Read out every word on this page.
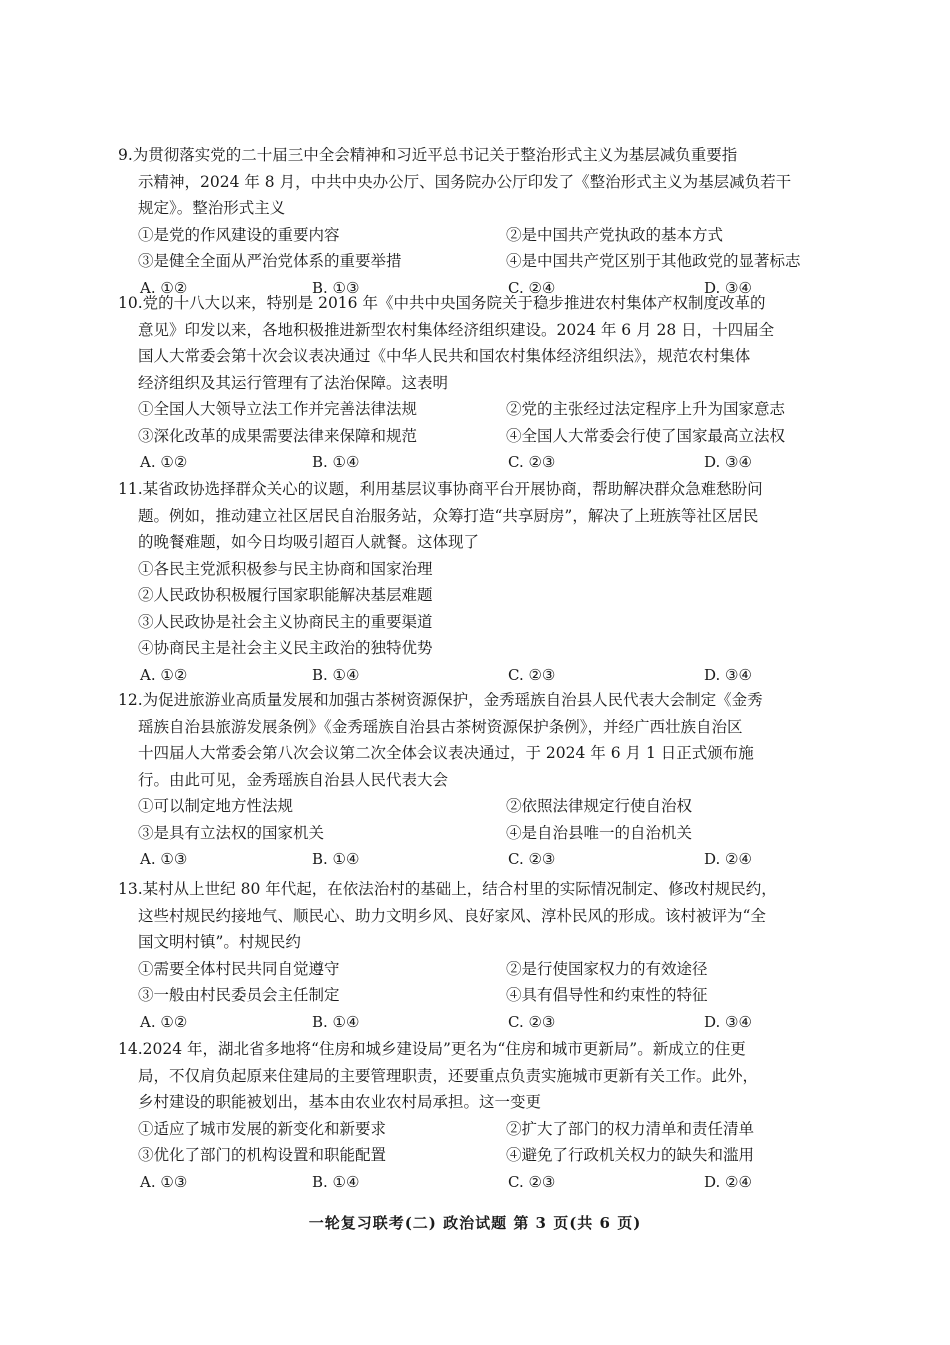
9.为贯彻落实党的二十届三中全会精神和习近平总书记关于整治形式主义为基层减负重要指
示精神，2024 年 8 月，中共中央办公厅、国务院办公厅印发了《整治形式主义为基层减负若干
规定》。整治形式主义
①是党的作风建设的重要内容	②是中国共产党执政的基本方式
③是健全全面从严治党体系的重要举措	④是中国共产党区别于其他政党的显著标志
A. ①②	B. ①③	C. ②④	D. ③④
10.党的十八大以来，特别是 2016 年《中共中央国务院关于稳步推进农村集体产权制度改革的
意见》印发以来，各地积极推进新型农村集体经济组织建设。2024 年 6 月 28 日，十四届全
国人大常委会第十次会议表决通过《中华人民共和国农村集体经济组织法》，规范农村集体
经济组织及其运行管理有了法治保障。这表明
①全国人大领导立法工作并完善法律法规	②党的主张经过法定程序上升为国家意志
③深化改革的成果需要法律来保障和规范	④全国人大常委会行使了国家最高立法权
A. ①②	B. ①④	C. ②③	D. ③④
11.某省政协选择群众关心的议题，利用基层议事协商平台开展协商，帮助解决群众急难愁盼问
题。例如，推动建立社区居民自治服务站，众筹打造“共享厨房”，解决了上班族等社区居民
的晚餐难题，如今日均吸引超百人就餐。这体现了
①各民主党派积极参与民主协商和国家治理
②人民政协积极履行国家职能解决基层难题
③人民政协是社会主义协商民主的重要渠道
④协商民主是社会主义民主政治的独特优势
A. ①②	B. ①④	C. ②③	D. ③④
12.为促进旅游业高质量发展和加强古茶树资源保护，金秀瑶族自治县人民代表大会制定《金秀
瑶族自治县旅游发展条例》《金秀瑶族自治县古茶树资源保护条例》，并经广西壮族自治区
十四届人大常委会第八次会议第二次全体会议表决通过，于 2024 年 6 月 1 日正式颁布施
行。由此可见，金秀瑶族自治县人民代表大会
①可以制定地方性法规	②依照法律规定行使自治权
③是具有立法权的国家机关	④是自治县唯一的自治机关
A. ①③	B. ①④	C. ②③	D. ②④
13.某村从上世纪 80 年代起，在依法治村的基础上，结合村里的实际情况制定、修改村规民约，
这些村规民约接地气、顺民心、助力文明乡风、良好家风、淳朴民风的形成。该村被评为“全
国文明村镇”。村规民约
①需要全体村民共同自觉遵守	②是行使国家权力的有效途径
③一般由村民委员会主任制定	④具有倡导性和约束性的特征
A. ①②	B. ①④	C. ②③	D. ③④
14.2024 年，湖北省多地将“住房和城乡建设局”更名为“住房和城市更新局”。新成立的住更
局，不仅肩负起原来住建局的主要管理职责，还要重点负责实施城市更新有关工作。此外，
乡村建设的职能被划出，基本由农业农村局承担。这一变更
①适应了城市发展的新变化和新要求	②扩大了部门的权力清单和责任清单
③优化了部门的机构设置和职能配置	④避免了行政机关权力的缺失和滥用
A. ①③	B. ①④	C. ②③	D. ②④
一轮复习联考(二) 政治试题 第 3 页(共 6 页)
